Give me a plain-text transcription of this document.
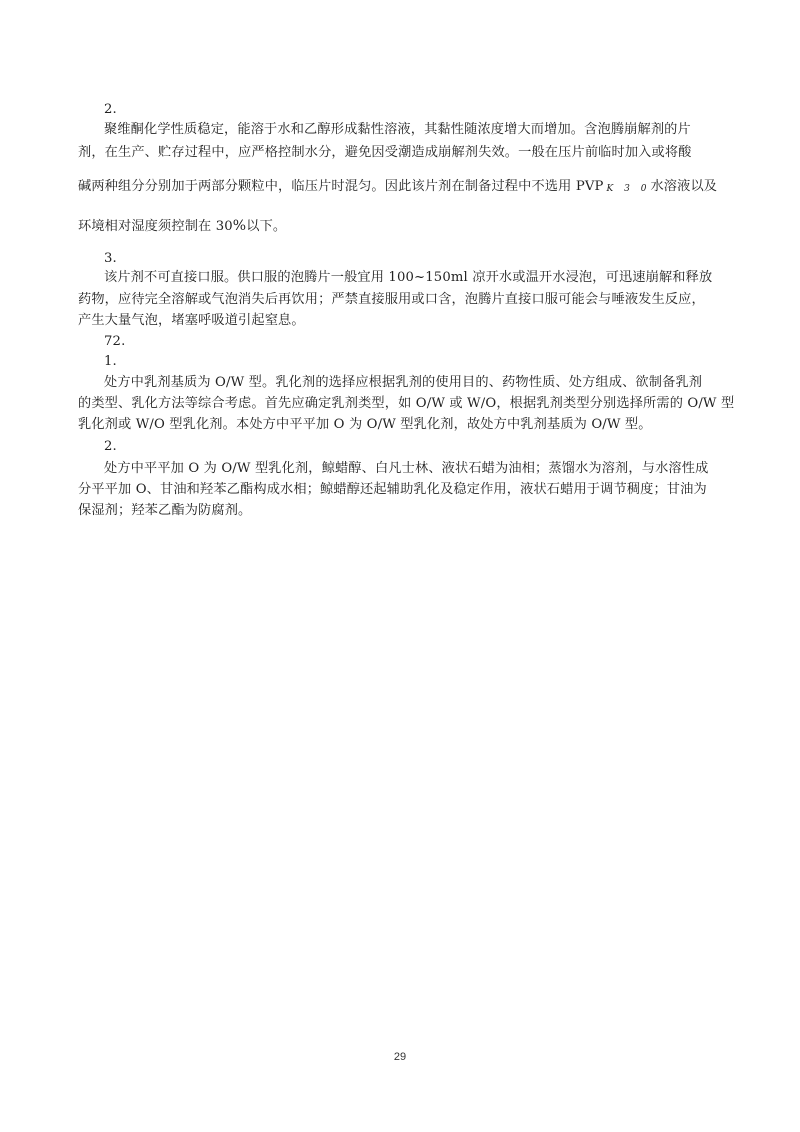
2.
聚维酮化学性质稳定，能溶于水和乙醇形成黏性溶液，其黏性随浓度增大而增加。含泡腾崩解剂的片
剂，在生产、贮存过程中，应严格控制水分，避免因受潮造成崩解剂失效。一般在压片前临时加入或将酸
碱两种组分分别加于两部分颗粒中，临压片时混匀。因此该片剂在制备过程中不选用 PVP K 3 0水溶液以及
环境相对湿度须控制在 30%以下。
3.
该片剂不可直接口服。供口服的泡腾片一般宜用 100~150ml 凉开水或温开水浸泡，可迅速崩解和释放
药物，应待完全溶解或气泡消失后再饮用；严禁直接服用或口含，泡腾片直接口服可能会与唾液发生反应，
产生大量气泡，堵塞呼吸道引起窒息。
72.
1.
处方中乳剂基质为 O/W 型。乳化剂的选择应根据乳剂的使用目的、药物性质、处方组成、欲制备乳剂
的类型、乳化方法等综合考虑。首先应确定乳剂类型，如 O/W 或 W/O，根据乳剂类型分别选择所需的 O/W 型
乳化剂或 W/O 型乳化剂。本处方中平平加 O 为 O/W 型乳化剂，故处方中乳剂基质为 O/W 型。
2.
处方中平平加 O 为 O/W 型乳化剂，鲸蜡醇、白凡士林、液状石蜡为油相；蒸馏水为溶剂，与水溶性成
分平平加 O、甘油和羟苯乙酯构成水相；鲸蜡醇还起辅助乳化及稳定作用，液状石蜡用于调节稠度；甘油为
保湿剂；羟苯乙酯为防腐剂。
29
